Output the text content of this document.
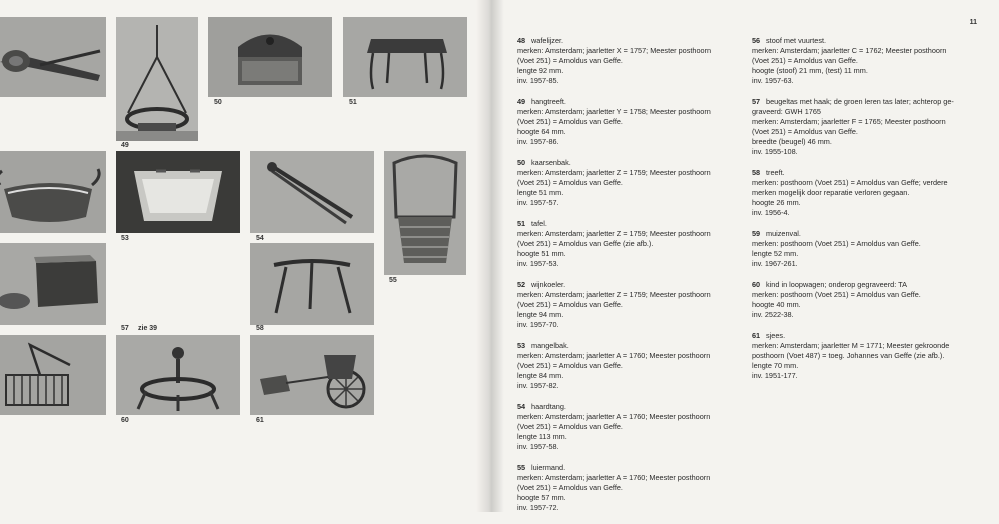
49
50	51
53	54
55
57 zie 39	58
60	61
11
48 wafelijzer.
merken: Amsterdam; jaarletter X = 1757; Meester posthoorn
(Voet 251) = Arnoldus van Geffe.
lengte 92 mm.
inv. 1957-85.
49 hangtreeft.
merken: Amsterdam; jaarletter Y = 1758; Meester posthoorn
(Voet 251) = Arnoldus van Geffe.
hoogte 64 mm.
inv. 1957-86.
50 kaarsenbak.
merken: Amsterdam; jaarletter Z = 1759; Meester posthoorn
(Voet 251) = Arnoldus van Geffe.
lengte 51 mm.
inv. 1957-57.
51 tafel.
merken: Amsterdam; jaarletter Z = 1759; Meester posthoorn
(Voet 251) = Arnoldus van Geffe (zie afb.).
hoogte 51 mm.
inv. 1957-53.
52 wijnkoeler.
merken: Amsterdam; jaarletter Z = 1759; Meester posthoorn
(Voet 251) = Arnoldus van Geffe.
lengte 94 mm.
inv. 1957-70.
53 mangelbak.
merken: Amsterdam; jaarletter A = 1760; Meester posthoorn
(Voet 251) = Arnoldus van Geffe.
lengte 84 mm.
inv. 1957-82.
54 haardtang.
merken: Amsterdam; jaarletter A = 1760; Meester posthoorn
(Voet 251) = Arnoldus van Geffe.
lengte 113 mm.
inv. 1957-58.
55 luiermand.
merken: Amsterdam; jaarletter A = 1760; Meester posthoorn
(Voet 251) = Arnoldus van Geffe.
hoogte 57 mm.
inv. 1957-72.
56 stoof met vuurtest.
merken: Amsterdam; jaarletter C = 1762; Meester posthoorn
(Voet 251) = Arnoldus van Geffe.
hoogte (stoof) 21 mm, (test) 11 mm.
inv. 1957-63.
57 beugeltas met haak; de groen leren tas later; achterop ge-
graveerd: GWH 1765
merken: Amsterdam; jaarletter F = 1765; Meester posthoorn
(Voet 251) = Arnoldus van Geffe.
breedte (beugel) 46 mm.
inv. 1955-108.
58 treeft.
merken: posthoorn (Voet 251) = Arnoldus van Geffe; verdere
merken mogelijk door reparatie verloren gegaan.
hoogte 26 mm.
inv. 1956-4.
59 muizenval.
merken: posthoorn (Voet 251) = Arnoldus van Geffe.
lengte 52 mm.
inv. 1967-261.
60 kind in loopwagen; onderop gegraveerd: TA
merken: posthoorn (Voet 251) = Arnoldus van Geffe.
hoogte 40 mm.
inv. 2522-38.
61 sjees.
merken: Amsterdam; jaarletter M = 1771; Meester gekroonde
posthoorn (Voet 487) = toeg. Johannes van Geffe (zie afb.).
lengte 70 mm.
inv. 1951-177.
